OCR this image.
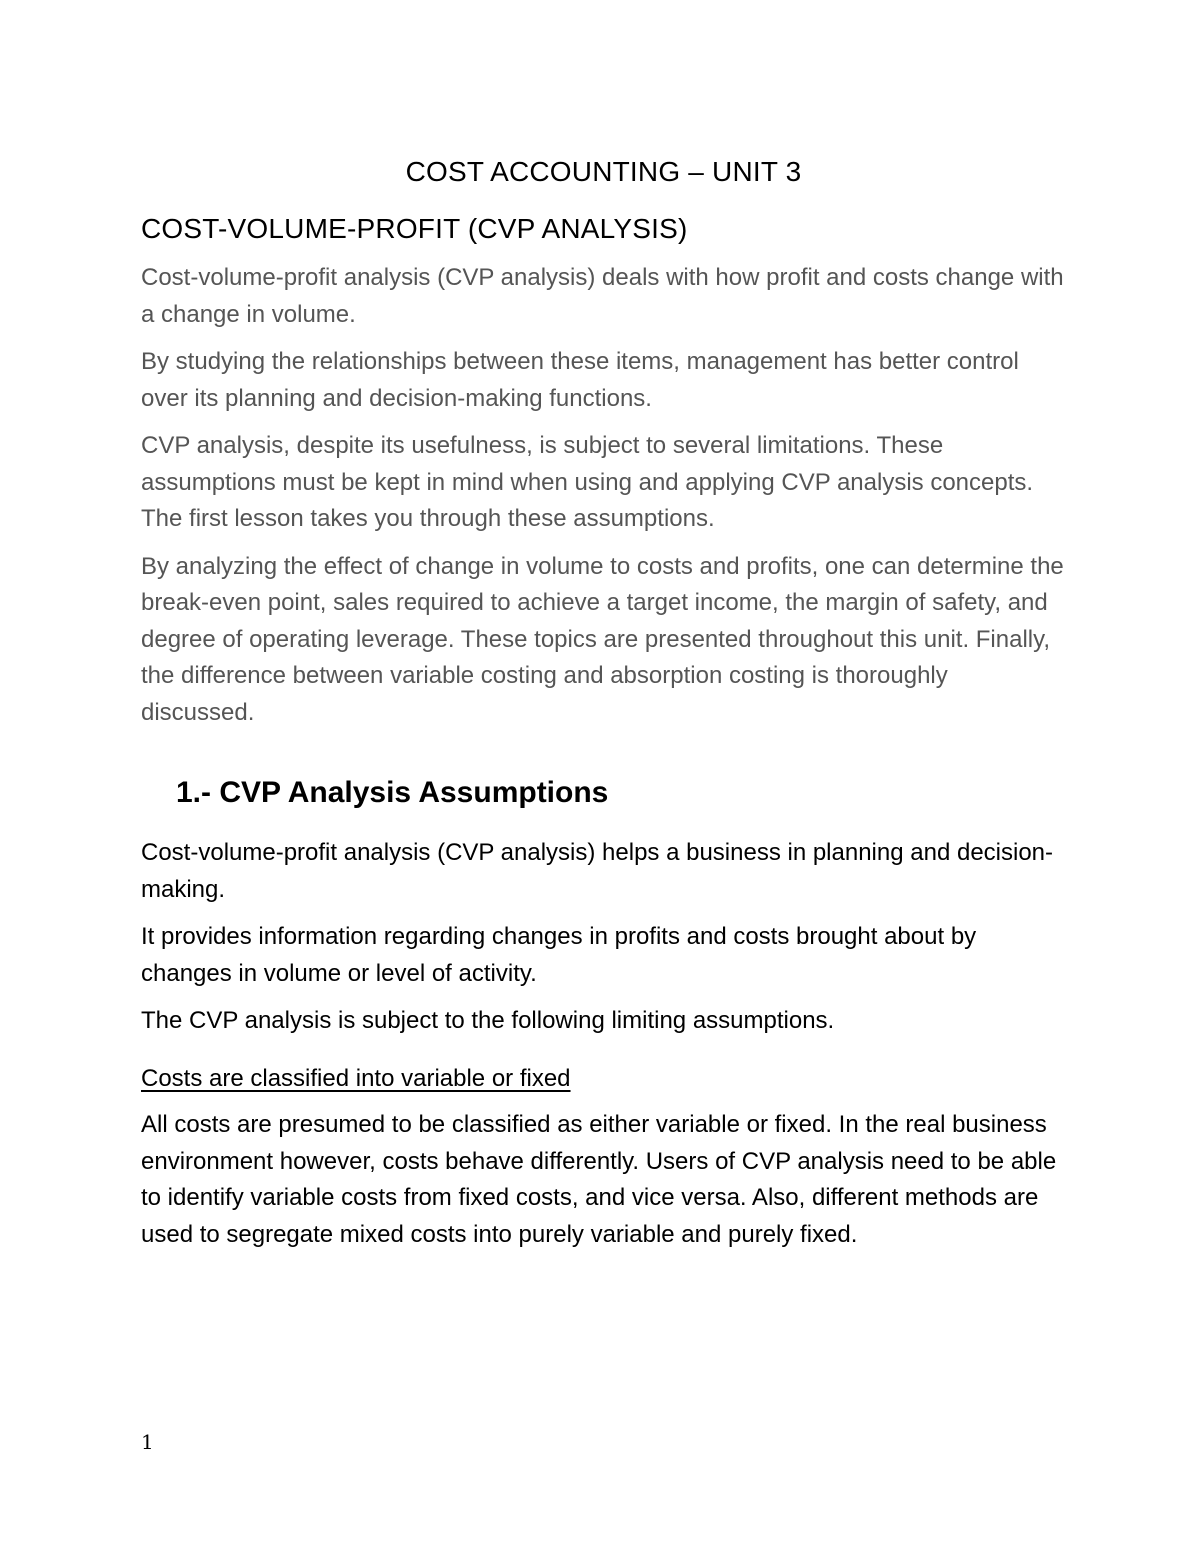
COST ACCOUNTING – UNIT 3
COST-VOLUME-PROFIT (CVP ANALYSIS)

Cost-volume-profit analysis (CVP analysis) deals with how profit and costs change with a change in volume.

By studying the relationships between these items, management has better control over its planning and decision-making functions.

CVP analysis, despite its usefulness, is subject to several limitations. These assumptions must be kept in mind when using and applying CVP analysis concepts. The first lesson takes you through these assumptions.

By analyzing the effect of change in volume to costs and profits, one can determine the break-even point, sales required to achieve a target income, the margin of safety, and degree of operating leverage. These topics are presented throughout this unit. Finally, the difference between variable costing and absorption costing is thoroughly discussed.

1.- CVP Analysis Assumptions

Cost-volume-profit analysis (CVP analysis) helps a business in planning and decision-making.

It provides information regarding changes in profits and costs brought about by changes in volume or level of activity.

The CVP analysis is subject to the following limiting assumptions.

Costs are classified into variable or fixed

All costs are presumed to be classified as either variable or fixed. In the real business environment however, costs behave differently. Users of CVP analysis need to be able to identify variable costs from fixed costs, and vice versa. Also, different methods are used to segregate mixed costs into purely variable and purely fixed.

1
